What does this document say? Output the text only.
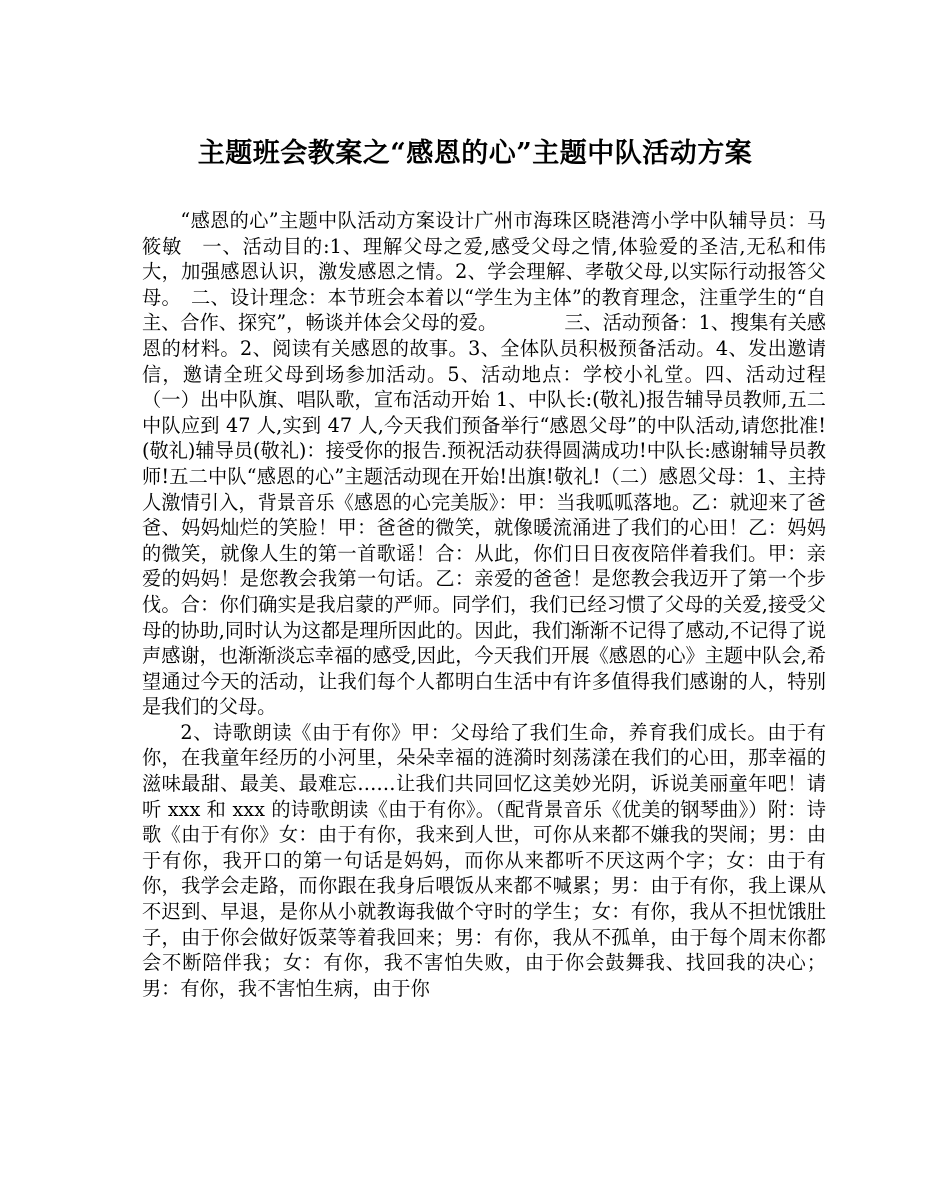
主题班会教案之“感恩的心”主题中队活动方案

“感恩的心”主题中队活动方案设计广州市海珠区晓港湾小学中队辅导员：马筱敏　一、活动目的:1、理解父母之爱,感受父母之情,体验爱的圣洁,无私和伟大，加强感恩认识，激发感恩之情。2、学会理解、孝敬父母,以实际行动报答父母。　二、设计理念：本节班会本着以“学生为主体”的教育理念，注重学生的“自主、合作、探究”，畅谈并体会父母的爱。　　　　三、活动预备：1、搜集有关感恩的材料。2、阅读有关感恩的故事。3、全体队员积极预备活动。4、发出邀请信，邀请全班父母到场参加活动。5、活动地点：学校小礼堂。四、活动过程（一）出中队旗、唱队歌，宣布活动开始 1、中队长:(敬礼)报告辅导员教师,五二中队应到 47 人,实到 47 人,今天我们预备举行“感恩父母”的中队活动,请您批准!(敬礼)辅导员(敬礼)：接受你的报告.预祝活动获得圆满成功!中队长:感谢辅导员教师!五二中队“感恩的心”主题活动现在开始!出旗!敬礼!（二）感恩父母：1、主持人激情引入，背景音乐《感恩的心完美版》：甲：当我呱呱落地。乙：就迎来了爸爸、妈妈灿烂的笑脸！甲：爸爸的微笑，就像暖流涌进了我们的心田！乙：妈妈的微笑，就像人生的第一首歌谣！合：从此，你们日日夜夜陪伴着我们。甲：亲爱的妈妈！是您教会我第一句话。乙：亲爱的爸爸！是您教会我迈开了第一个步伐。合：你们确实是我启蒙的严师。同学们，我们已经习惯了父母的关爱,接受父母的协助,同时认为这都是理所因此的。因此，我们渐渐不记得了感动,不记得了说声感谢，也渐渐淡忘幸福的感受,因此，今天我们开展《感恩的心》主题中队会,希望通过今天的活动，让我们每个人都明白生活中有许多值得我们感谢的人，特别是我们的父母。

2、诗歌朗读《由于有你》甲：父母给了我们生命，养育我们成长。由于有你，在我童年经历的小河里，朵朵幸福的涟漪时刻荡漾在我们的心田，那幸福的滋味最甜、最美、最难忘……让我们共同回忆这美妙光阴，诉说美丽童年吧！请听 xxx 和 xxx 的诗歌朗读《由于有你》。（配背景音乐《优美的钢琴曲》）附：诗歌《由于有你》女：由于有你，我来到人世，可你从来都不嫌我的哭闹；男：由于有你，我开口的第一句话是妈妈，而你从来都听不厌这两个字；女：由于有你，我学会走路，而你跟在我身后喂饭从来都不喊累；男：由于有你，我上课从不迟到、早退，是你从小就教诲我做个守时的学生；女：有你，我从不担忧饿肚子，由于你会做好饭菜等着我回来；男：有你，我从不孤单，由于每个周末你都会不断陪伴我；女：有你，我不害怕失败，由于你会鼓舞我、找回我的决心；男：有你，我不害怕生病，由于你
